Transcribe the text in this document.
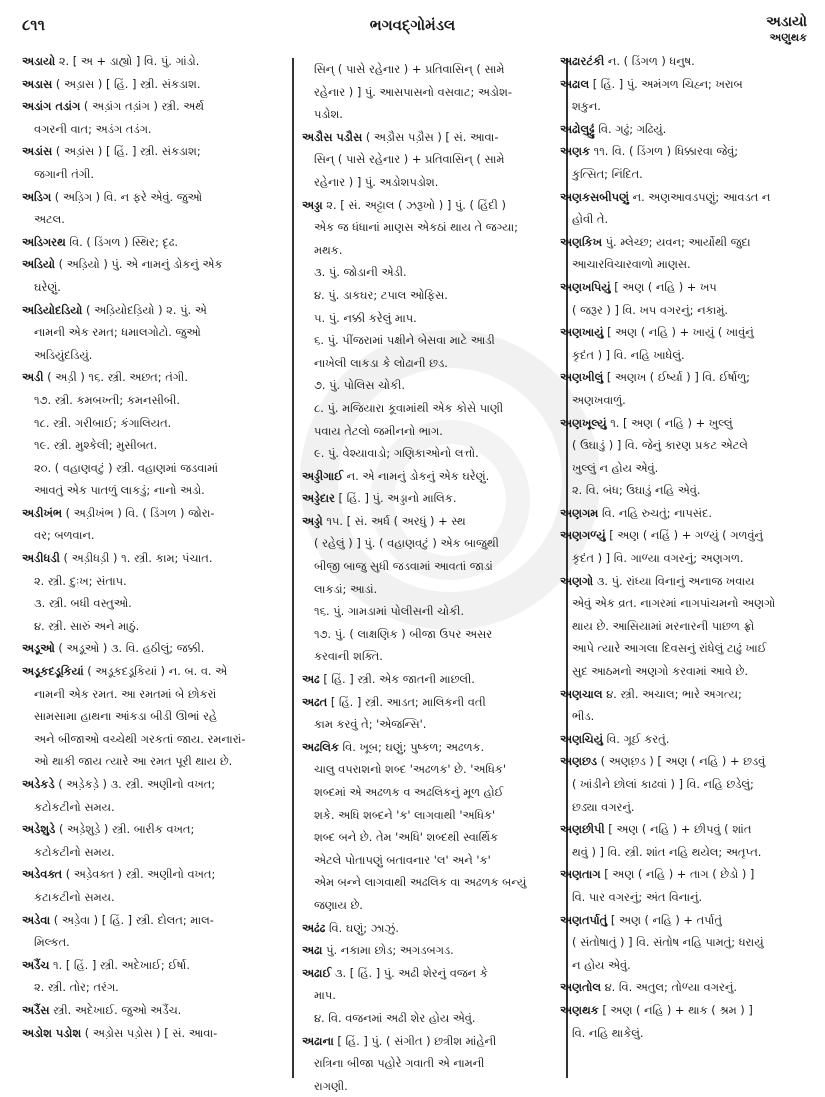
૮૧૧	ભગવદ્ગોમંડલ	અડાયો
અણુથક
અડાયો ૨. [ અ + ડાહ્યો ] વિ. પું. ગાંડો.
અડાસ ( અડ઼ાસ ) [ હિં. ] સ્ત્રી. સંકડાશ.
અડાંગ તડાંગ ( અડ઼ાંગ તડ઼ાંગ ) સ્ત્રી. અર્થ
વગરની વાત; અડંગ તડંગ.
અડાંસ ( અડ઼ાંસ ) [ હિં. ] સ્ત્રી. સંકડાશ;
જગાની તંગી.
અડિગ ( અડ઼િગ ) વિ. ન ફરે એવું. જુઓ
અટલ.
અડિગરથ વિ. ( ડિંગળ ) સ્થિર; દૃઢ.
અડિયો ( અડ઼િયો ) પું. એ નામનું ડોકનું એક
ઘરેણું.
અડિયોદડિયો ( અડ઼િયોદડ઼િયો ) ૨. પું. એ
નામની એક રમત; ધમાલગોટો. જુઓ
અડિયુંદડિયું.
અડી ( અડ઼ી ) ૧૬. સ્ત્રી. અછત; તંગી.
૧૭. સ્ત્રી. કમબખ્તી; કમનસીબી.
૧૮. સ્ત્રી. ગરીબાઈ; કંગાલિયત.
૧૯. સ્ત્રી. મુશ્કેલી; મુસીબત.
૨૦. ( વહાણવટું ) સ્ત્રી. વહાણમાં જડવામાં
આવતું એક પાતળું લાકડું; નાનો અડો.
અડીખંભ ( અડ઼ીખંભ ) વિ. ( ડિંગળ ) જોરા-
વર; બળવાન.
અડીધડી ( અડ઼ીધડ઼ી ) ૧. સ્ત્રી. કામ; પંચાત.
૨. સ્ત્રી. દુઃખ; સંતાપ.
૩. સ્ત્રી. બધી વસ્તુઓ.
૪. સ્ત્રી. સારું અને માઠું.
અડૂઓ ( અડ઼ૂઓ ) ૩. વિ. હઠીલું; જક્કી.
અડૂકદડૂકિયાં ( અડ઼ૂકદડ઼ૂકિયાં ) ન. બ. વ. એ
નામની એક રમત. આ રમતમાં બે છોકરાં
સામસામા હાથના આંકડા બીડી ઊભાં રહે
અને બીજાઓ વચ્ચેથી ગરકતાં જાય. રમનારાં-
ઓ થાકી જાય ત્યારે આ રમત પૂરી થાય છે.
અડેકડે ( અડ઼ેકડ઼ે ) ૩. સ્ત્રી. અણીનો વખત;
કટોકટીનો સમય.
અડેશુડે ( અડ઼ેશુડ઼ે ) સ્ત્રી. બારીક વખત;
કટોકટીનો સમય.
અડેવક્ત ( અડ઼ેવક્ત ) સ્ત્રી. અણીનો વખત;
કટાકટીનો સમય.
અડેવા ( અડ઼ેવા ) [ હિં. ] સ્ત્રી. દોલત; માલ-
મિલ્કત.
અડૈંચ ૧. [ હિં. ] સ્ત્રી. અદેખાઈ; ઈર્ષા.
૨. સ્ત્રી. તોર; તરંગ.
અડૈંસ સ્ત્રી. અદેખાઈ. જુઓ અડૈંચ.
અડોશ પડોશ ( અડ઼ોસ પડ઼ોસ ) [ સં. આવા-
સિન્ ( પાસે રહેનાર ) + પ્રતિવાસિન્ ( સામે
રહેનાર ) ] પું. આસપાસનો વસવાટ; અડોશ-
પડોશ.
અડૌસ પડૌસ ( અડ઼ૌસ પડ઼ૌસ ) [ સં. આવા-
સિન્ ( પાસે રહેનાર ) + પ્રતિવાસિન્ ( સામે
રહેનાર ) ] પું. અડોશપડોશ.
અડ્ડા ૨. [ સં. અટ્ટાલ ( ઝરૂખો ) ] પું. ( હિંદી )
એક જ ધંધાનાં માણસ એકઠાં થાય તે જગ્યા;
મથક.
૩. પું. જોડાની એડી.
૪. પું. ડાકઘર; ટપાલ ઓફિસ.
૫. પું. નક્કી કરેલું માપ.
૬. પું. પીંજરામાં પક્ષીને બેસવા માટે આડી
નાખેલી લાકડા કે લોઢાની છડ.
૭. પું. પોલિસ ચોકી.
૮. પું. મજિયારા કૂવામાંથી એક કોસે પાણી
પવાય તેટલો જમીનનો ભાગ.
૯. પું. વેશ્યાવાડો; ગણિકાઓનો લત્તો.
અડ્ડીગાઈ ન. એ નામનું ડોકનું એક ઘરેણું.
અડ્ડેદાર [ હિં. ] પું. અડ્ડાનો માલિક.
અડ્ડો ૧૫. [ સં. અર્ધ ( અરધું ) + સ્થ
( રહેલું ) ] પું. ( વહાણવટું ) એક બાજુથી
બીજી બાજુ સુધી જડવામાં આવતાં જાડાં
લાકડાં; આડાં.
૧૬. પું. ગામડામાં પોલીસની ચોકી.
૧૭. પું. ( લાક્ષણિક ) બીજા ઉપર અસર
કરવાની શક્તિ.
અઢ [ હિં. ] સ્ત્રી. એક જાતની માછલી.
અઢત [ હિં. ] સ્ત્રી. આડત; માલિકની વતી
કામ કરવું તે; 'એજન્સિ'.
અઢલિક વિ. ખૂબ; ઘણું; પુષ્કળ; અઢળક.
ચાલુ વપરાશનો શબ્દ 'અઢળક' છે. 'અધિક'
શબ્દમાં એ અઢળક વ અઢલિકનું મૂળ હોઈ
શકે. અધિ શબ્દને 'ક' લાગવાથી 'અધિક'
શબ્દ બને છે. તેમ 'અધિ' શબ્દથી સ્વાર્થિક
એટલે પોતાપણું બતાવનાર 'લ' અને 'ક'
એમ બન્ને લાગવાથી અઢલિક વા અઢળક બન્યું
જણાય છે.
અઢંઢ વિ. ઘણું; ઝાઝું.
અઢા પું. નકામા છોડ; અગડબગડ.
અઢાઈ ૩. [ હિં. ] પું. અઢી શેરનું વજન કે
માપ.
૪. વિ. વજનમાં અઢી શેર હોય એવું.
અઢાના [ હિં. ] પું. ( સંગીત ) છત્રીશ માંહેની
રાત્રિના બીજા પહોરે ગવાતી એ નામની
રાગણી.
અઢારટંકી ન. ( ડિંગળ ) ધનુષ.
અઢાલ [ હિં. ] પું. અમંગળ ચિહ્ન; ખરાબ
શકુન.
અઢોલુઢ્ઢું વિ. ગઢું; ગઢિયું.
અણક ૧૧. વિ. ( ડિંગળ ) ધિક્કારવા જેવું;
કુત્સિત; નિંદિત.
અણકસબીપણું ન. અણઆવડપણું; આવડત ન
હોવી તે.
અણકિખ પું. મ્લેચ્છ; યવન; આર્યોથી જુદા
આચારવિચારવાળો માણસ.
અણખપિયું [ અણ ( નહિ ) + ખપ
( જરૂર ) ] વિ. ખપ વગરનું; નકામું.
અણખાયું [ અણ ( નહિ ) + ખાયું ( ખાવુંનું
કૃદંત ) ] વિ. નહિ ખાધેલું.
અણખીલું [ અણખ ( ઈર્ષ્યા ) ] વિ. ઈર્ષાળુ;
અણખવાળું.
અણખૂલ્યું ૧. [ અણ ( નહિ ) + ખુલ્લું
( ઉઘાડું ) ] વિ. જેનું કારણ પ્રકટ એટલે
ખુલ્લું ન હોય એવું.
૨. વિ. બંધ; ઉઘાડું નહિ એવું.
અણગમ વિ. નહિ રુચતું; નાપસંદ.
અણગળ્યું [ અણ ( નહિં ) + ગળ્યું ( ગળવુંનું
કૃદંત ) ] વિ. ગાળ્યા વગરનું; અણગળ.
અણગો ૩. પું. રાંધ્યા વિનાનું અનાજ ખવાય
એવું એક વ્રત. નાગરમાં નાગપાંચમનો અણગો
થાય છે. આસિયામાં મરનારની પાછળ ફ્રો
આપે ત્યારે આગલા દિવસનું રાંધેલું ટાઢું ખાઈ
સુદ આઠમનો અણગો કરવામાં આવે છે.
અણચાલ ૪. સ્ત્રી. અચાલ; ભારે અગત્ય;
ભીડ.
અણચિયું વિ. ગૂઈ કરતું.
અણછડ ( અણછ઼ડ ) [ અણ ( નહિ ) + છડવું
( ખાંડીને છોલાં કાઢવાં ) ] વિ. નહિ છડેલું;
છડ્યા વગરનું.
અણછીપી [ અણ ( નહિ ) + છીપવું ( શાંત
થવું ) ] વિ. સ્ત્રી. શાંત નહિ થયેલ; અતૃપ્ત.
અણતાગ [ અણ ( નહિ ) + તાગ ( છેડો ) ]
વિ. પાર વગરનું; અંત વિનાનું.
અણતર્પાતું [ અણ ( નહિ ) + તર્પાતું
( સંતોષાતું ) ] વિ. સંતોષ નહિ પામતું; ધરાયું
ન હોય એવું.
અણતોલ ૪. વિ. અતુલ; તોળ્યા વગરનું.
અણથક [ અણ ( નહિ ) + થાક ( શ્રમ ) ]
વિ. નહિ થાકેલું.
